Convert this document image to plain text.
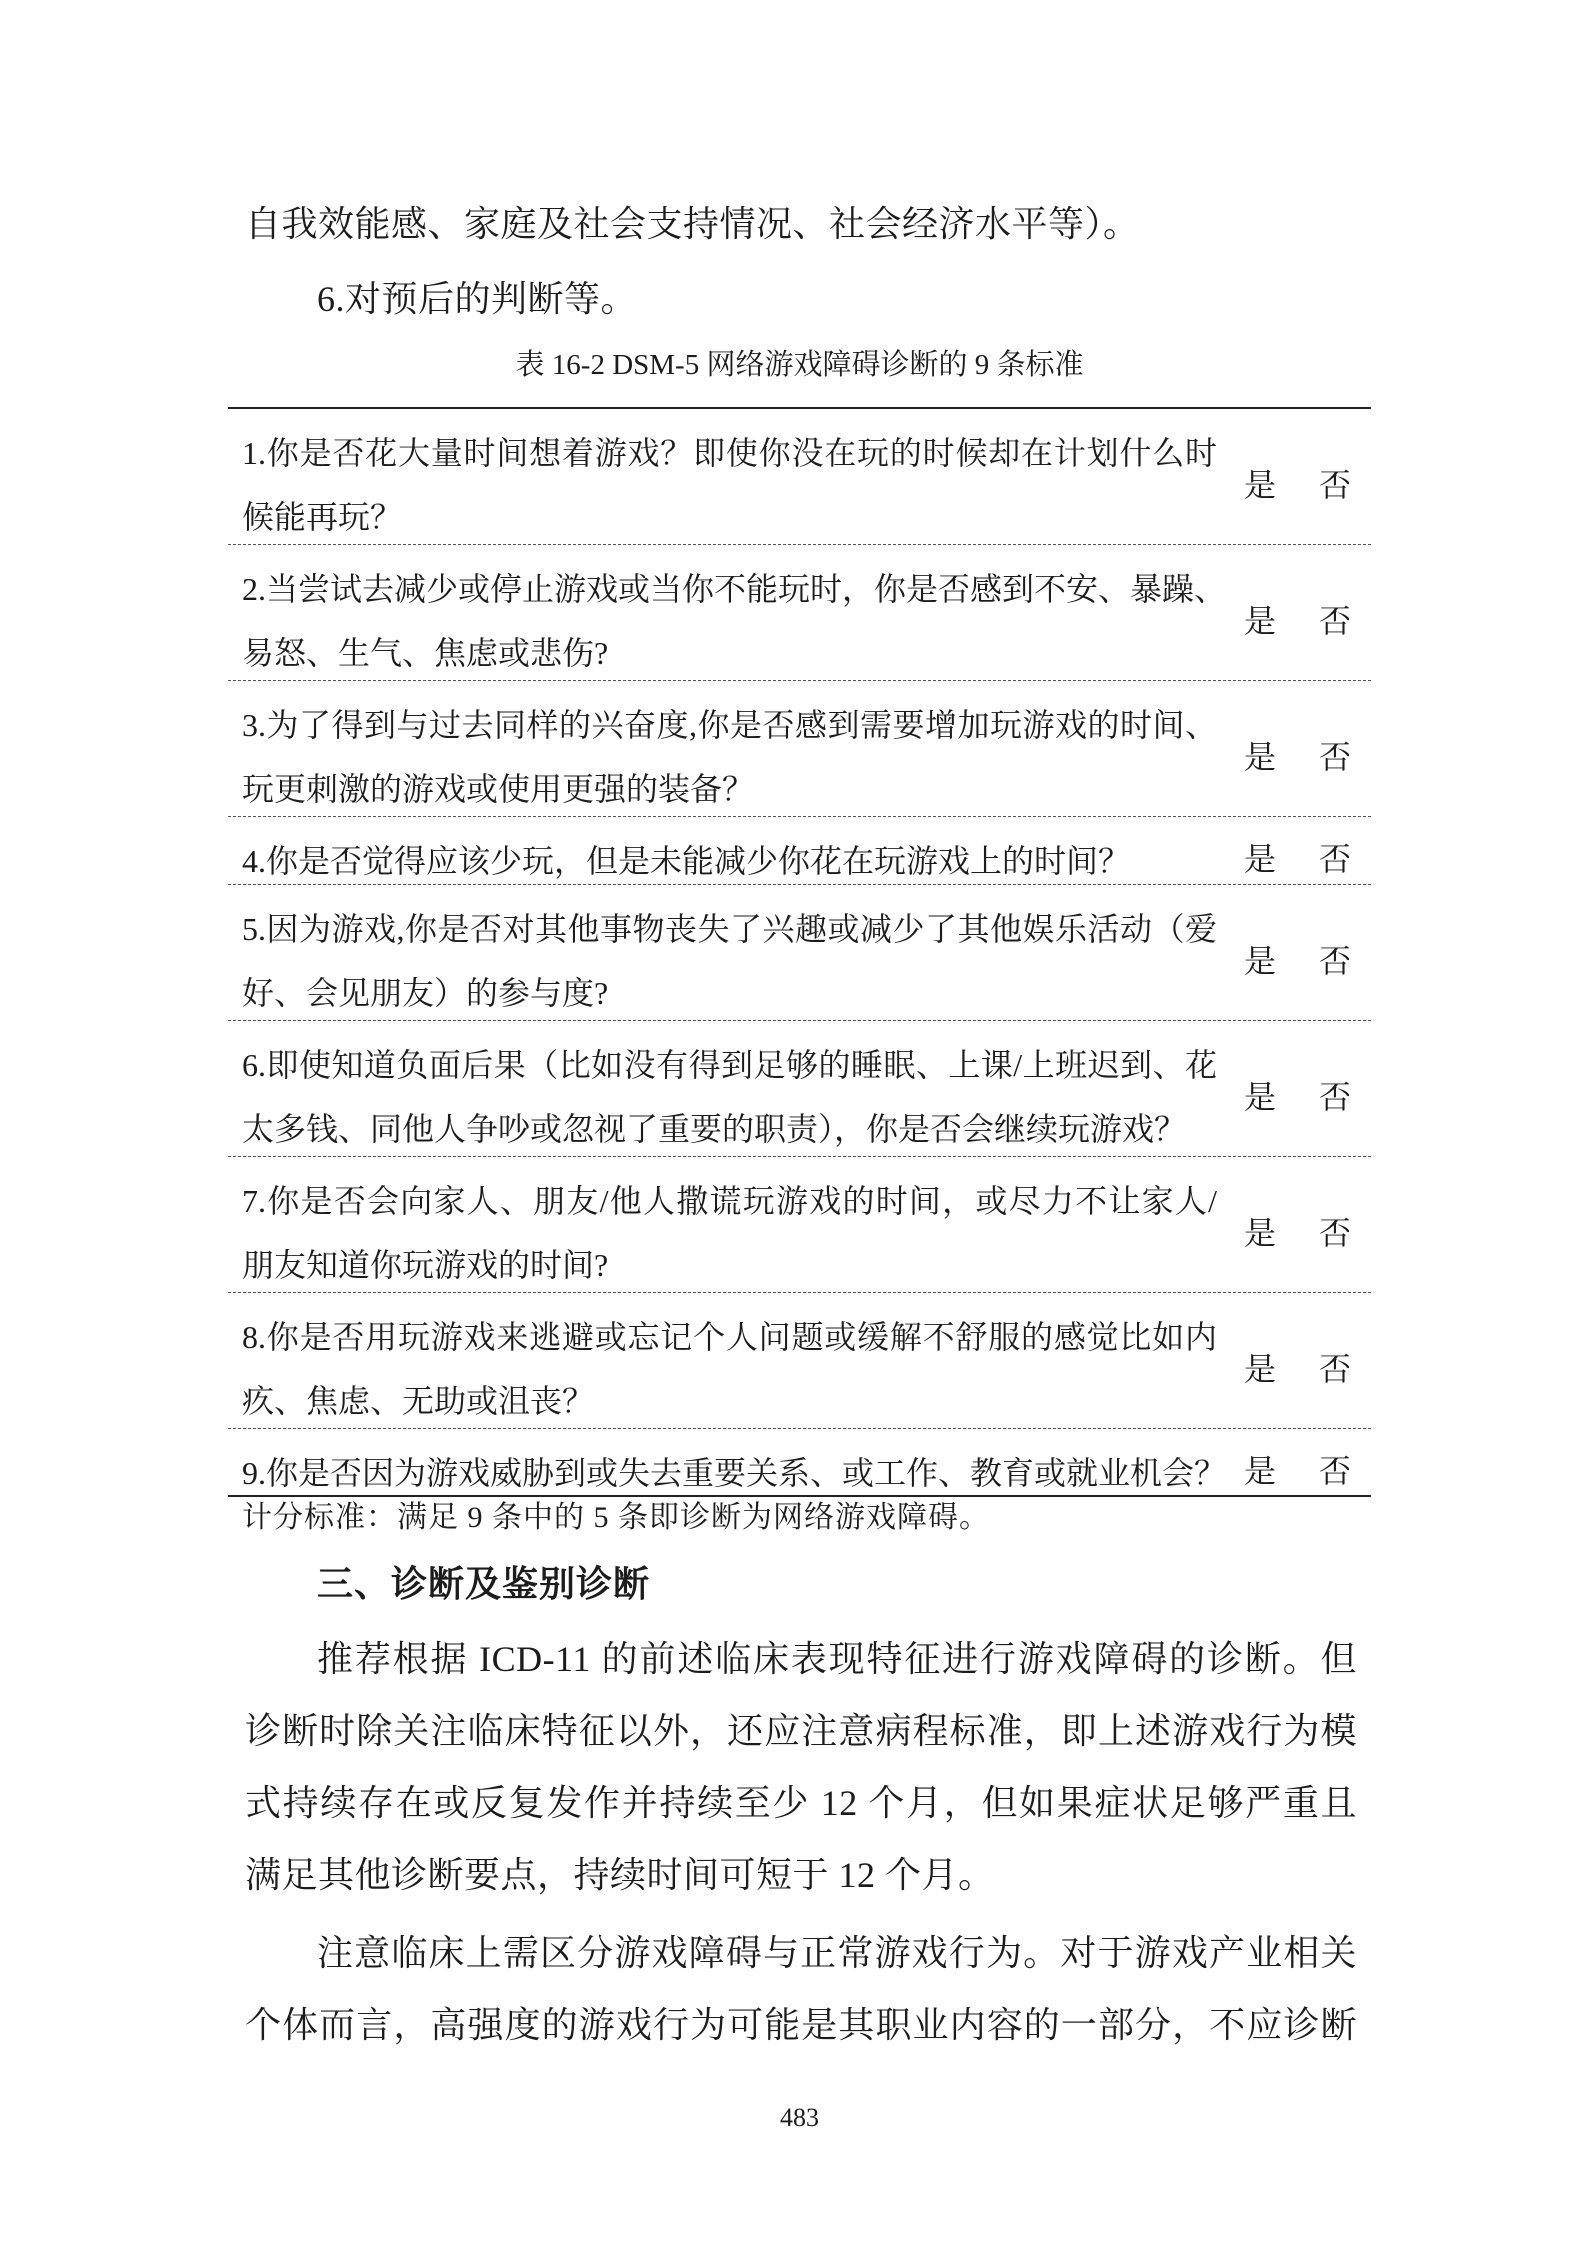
自我效能感、家庭及社会支持情况、社会经济水平等）。
6.对预后的判断等。
表 16-2 DSM-5 网络游戏障碍诊断的 9 条标准
1.你是否花大量时间想着游戏？即使你没在玩的时候却在计划什么时
候能再玩？
是 否
2.当尝试去减少或停止游戏或当你不能玩时，你是否感到不安、暴躁、
易怒、生气、焦虑或悲伤?
是 否
3.为了得到与过去同样的兴奋度,你是否感到需要增加玩游戏的时间、
玩更刺激的游戏或使用更强的装备？
是 否
4.你是否觉得应该少玩，但是未能减少你花在玩游戏上的时间？	是 否
5.因为游戏,你是否对其他事物丧失了兴趣或减少了其他娱乐活动（爱
好、会见朋友）的参与度?
是 否
6.即使知道负面后果（比如没有得到足够的睡眠、上课/上班迟到、花
太多钱、同他人争吵或忽视了重要的职责），你是否会继续玩游戏？
是 否
7.你是否会向家人、朋友/他人撒谎玩游戏的时间，或尽力不让家人/
朋友知道你玩游戏的时间?
是 否
8.你是否用玩游戏来逃避或忘记个人问题或缓解不舒服的感觉比如内
疚、焦虑、无助或沮丧？
是 否
9.你是否因为游戏威胁到或失去重要关系、或工作、教育或就业机会？ 是 否
计分标准：满足 9 条中的 5 条即诊断为网络游戏障碍。
三、诊断及鉴别诊断
推荐根据 ICD-11 的前述临床表现特征进行游戏障碍的诊断。但
诊断时除关注临床特征以外，还应注意病程标准，即上述游戏行为模
式持续存在或反复发作并持续至少 12 个月，但如果症状足够严重且
满足其他诊断要点，持续时间可短于 12 个月。
注意临床上需区分游戏障碍与正常游戏行为。对于游戏产业相关
个体而言，高强度的游戏行为可能是其职业内容的一部分，不应诊断
483
